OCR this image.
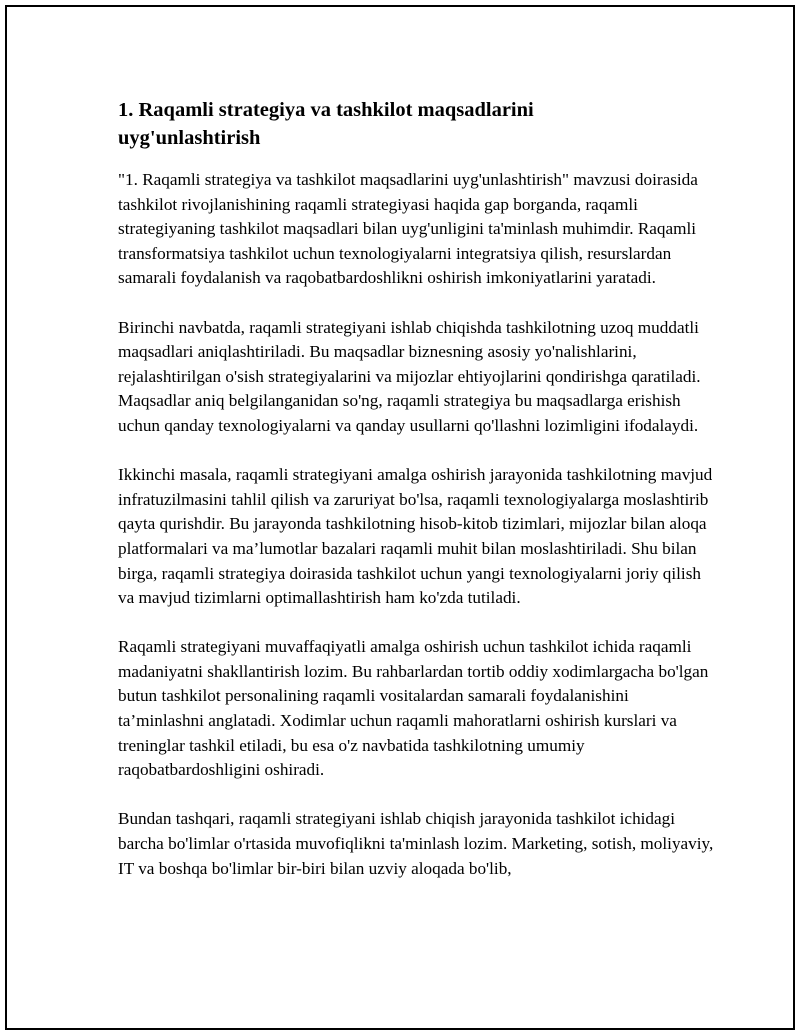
1. Raqamli strategiya va tashkilot maqsadlarini uyg'unlashtirish

"1. Raqamli strategiya va tashkilot maqsadlarini uyg'unlashtirish" mavzusi doirasida tashkilot rivojlanishining raqamli strategiyasi haqida gap borganda, raqamli strategiyaning tashkilot maqsadlari bilan uyg'unligini ta'minlash muhimdir. Raqamli transformatsiya tashkilot uchun texnologiyalarni integratsiya qilish, resurslardan samarali foydalanish va raqobatbardoshlikni oshirish imkoniyatlarini yaratadi.

Birinchi navbatda, raqamli strategiyani ishlab chiqishda tashkilotning uzoq muddatli maqsadlari aniqlashtiriladi. Bu maqsadlar biznesning asosiy yo'nalishlarini, rejalashtirilgan o'sish strategiyalarini va mijozlar ehtiyojlarini qondirishga qaratiladi. Maqsadlar aniq belgilanganidan so'ng, raqamli strategiya bu maqsadlarga erishish uchun qanday texnologiyalarni va qanday usullarni qo'llashni lozimligini ifodalaydi.

Ikkinchi masala, raqamli strategiyani amalga oshirish jarayonida tashkilotning mavjud infratuzilmasini tahlil qilish va zaruriyat bo'lsa, raqamli texnologiyalarga moslashtirib qayta qurishdir. Bu jarayonda tashkilotning hisob-kitob tizimlari, mijozlar bilan aloqa platformalari va ma’lumotlar bazalari raqamli muhit bilan moslashtiriladi. Shu bilan birga, raqamli strategiya doirasida tashkilot uchun yangi texnologiyalarni joriy qilish va mavjud tizimlarni optimallashtirish ham ko'zda tutiladi.

Raqamli strategiyani muvaffaqiyatli amalga oshirish uchun tashkilot ichida raqamli madaniyatni shakllantirish lozim. Bu rahbarlardan tortib oddiy xodimlargacha bo'lgan butun tashkilot personalining raqamli vositalardan samarali foydalanishini ta’minlashni anglatadi. Xodimlar uchun raqamli mahoratlarni oshirish kurslari va treninglar tashkil etiladi, bu esa o'z navbatida tashkilotning umumiy raqobatbardoshligini oshiradi.

Bundan tashqari, raqamli strategiyani ishlab chiqish jarayonida tashkilot ichidagi barcha bo'limlar o'rtasida muvofiqlikni ta'minlash lozim. Marketing, sotish, moliyaviy, IT va boshqa bo'limlar bir-biri bilan uzviy aloqada bo'lib,
